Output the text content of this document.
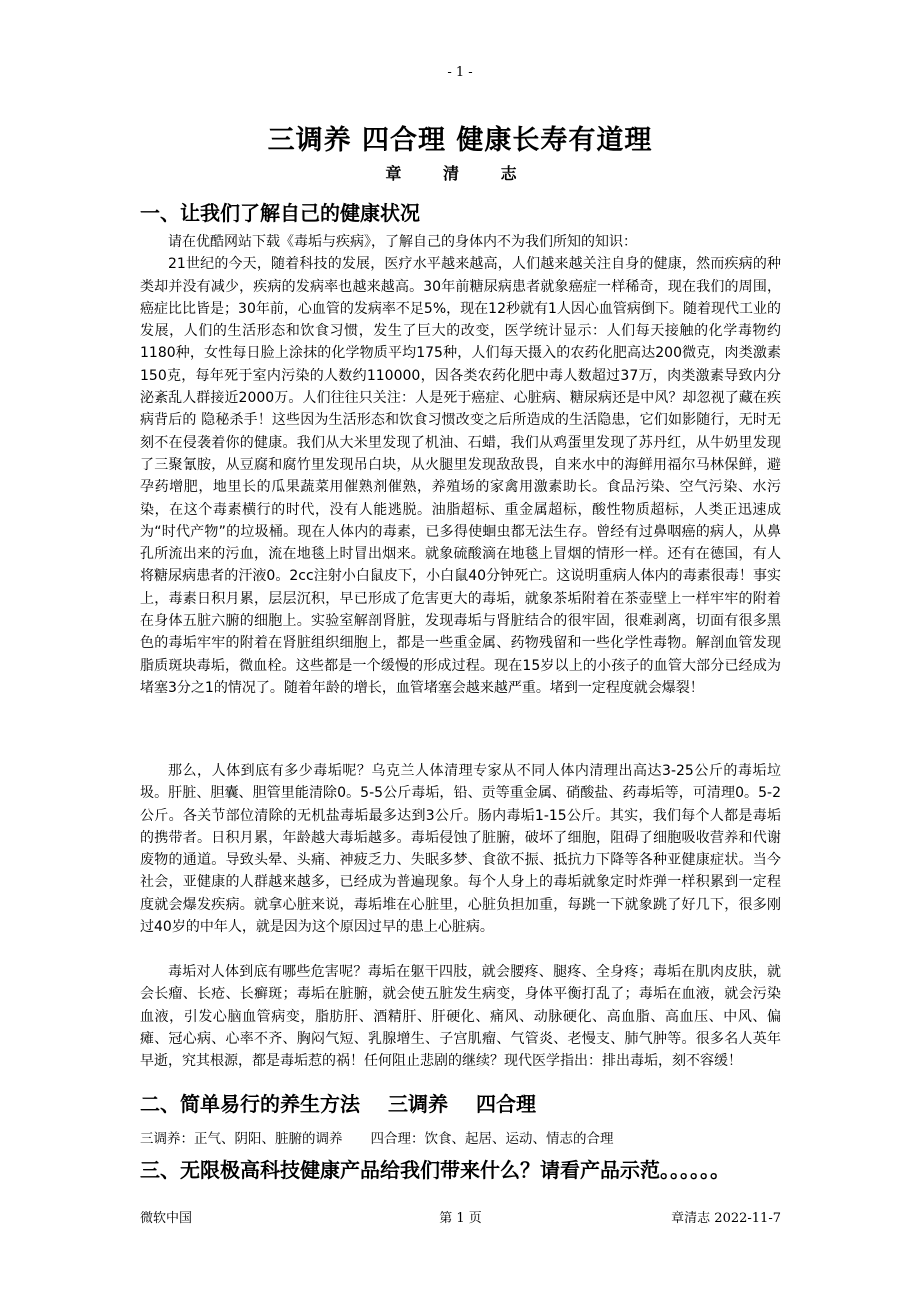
- 1 -
三调养 四合理 健康长寿有道理
章 清 志
一、让我们了解自己的健康状况

请在优酷网站下载《毒垢与疾病》，了解自己的身体内不为我们所知的知识：

21世纪的今天，随着科技的发展，医疗水平越来越高，人们越来越关注自身的健康，然而疾病的种类却并没有减少，疾病的发病率也越来越高。30年前糖尿病患者就象癌症一样稀奇，现在我们的周围，癌症比比皆是；30年前，心血管的发病率不足5%，现在12秒就有1人因心血管病倒下。随着现代工业的发展，人们的生活形态和饮食习惯，发生了巨大的改变，医学统计显示：人们每天接触的化学毒物约1180种，女性每日脸上涂抹的化学物质平均175种，人们每天摄入的农药化肥高达200微克，肉类激素150克，每年死于室内污染的人数约110000，因各类农药化肥中毒人数超过37万，肉类激素导致内分泌紊乱人群接近2000万。人们往往只关注：人是死于癌症、心脏病、糖尿病还是中风？却忽视了藏在疾病背后的 隐秘杀手！这些因为生活形态和饮食习惯改变之后所造成的生活隐患，它们如影随行，无时无刻不在侵袭着你的健康。我们从大米里发现了机油、石蜡，我们从鸡蛋里发现了苏丹红，从牛奶里发现了三聚氰胺，从豆腐和腐竹里发现吊白块，从火腿里发现敌敌畏，自来水中的海鲜用福尔马林保鲜，避孕药增肥，地里长的瓜果蔬菜用催熟剂催熟，养殖场的家禽用激素助长。食品污染、空气污染、水污染，在这个毒素横行的时代，没有人能逃脱。油脂超标、重金属超标，酸性物质超标，人类正迅速成为“时代产物”的垃圾桶。现在人体内的毒素，已多得使蛔虫都无法生存。曾经有过鼻咽癌的病人，从鼻孔所流出来的污血，流在地毯上时冒出烟来。就象硫酸滴在地毯上冒烟的情形一样。还有在德国，有人将糖尿病患者的汗液0。2cc注射小白鼠皮下，小白鼠40分钟死亡。这说明重病人体内的毒素很毒！事实上，毒素日积月累，层层沉积，早已形成了危害更大的毒垢，就象茶垢附着在茶壶壁上一样牢牢的附着在身体五脏六腑的细胞上。实验室解剖肾脏，发现毒垢与肾脏结合的很牢固，很难剥离，切面有很多黑色的毒垢牢牢的附着在肾脏组织细胞上，都是一些重金属、药物残留和一些化学性毒物。解剖血管发现脂质斑块毒垢，微血栓。这些都是一个缓慢的形成过程。现在15岁以上的小孩子的血管大部分已经成为堵塞3分之1的情况了。随着年龄的增长，血管堵塞会越来越严重。堵到一定程度就会爆裂！

那么，人体到底有多少毒垢呢？乌克兰人体清理专家从不同人体内清理出高达3-25公斤的毒垢垃圾。肝脏、胆囊、胆管里能清除0。5-5公斤毒垢，铅、贡等重金属、硝酸盐、药毒垢等，可清理0。5-2公斤。各关节部位清除的无机盐毒垢最多达到3公斤。肠内毒垢1-15公斤。其实，我们每个人都是毒垢的携带者。日积月累，年龄越大毒垢越多。毒垢侵蚀了脏腑，破坏了细胞，阻碍了细胞吸收营养和代谢废物的通道。导致头晕、头痛、神疲乏力、失眠多梦、食欲不振、抵抗力下降等各种亚健康症状。当今社会，亚健康的人群越来越多，已经成为普遍现象。每个人身上的毒垢就象定时炸弹一样积累到一定程度就会爆发疾病。就拿心脏来说，毒垢堆在心脏里，心脏负担加重，每跳一下就象跳了好几下，很多刚过40岁的中年人，就是因为这个原因过早的患上心脏病。

毒垢对人体到底有哪些危害呢？毒垢在躯干四肢，就会腰疼、腿疼、全身疼；毒垢在肌肉皮肤，就会长瘤、长疮、长癣斑；毒垢在脏腑，就会使五脏发生病变，身体平衡打乱了；毒垢在血液，就会污染血液，引发心脑血管病变，脂肪肝、酒精肝、肝硬化、痛风、动脉硬化、高血脂、高血压、中风、偏瘫、冠心病、心率不齐、胸闷气短、乳腺增生、子宫肌瘤、气管炎、老慢支、肺气肿等。很多名人英年早逝，究其根源，都是毒垢惹的祸！任何阻止悲剧的继续？现代医学指出：排出毒垢，刻不容缓！

二、简单易行的养生方法 三调养 四合理
三调养：正气、阴阳、脏腑的调养 四合理：饮食、起居、运动、情志的合理
三、无限极高科技健康产品给我们带来什么？请看产品示范。。。。。。
微软中国	第 1 页	章清志 2022-11-7
